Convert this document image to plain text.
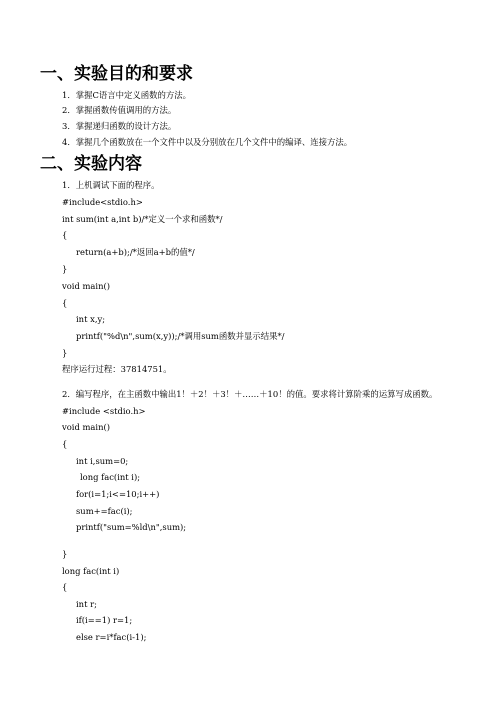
一、实验目的和要求
1．掌握C语言中定义函数的方法。
2．掌握函数传值调用的方法。
3．掌握递归函数的设计方法。
4．掌握几个函数放在一个文件中以及分别放在几个文件中的编译、连接方法。
二、实验内容
1．上机调试下面的程序。
#include<stdio.h>
int sum(int a,int b)/*定义一个求和函数*/
{
return(a+b);/*返回a+b的值*/
}
void main()
{
int x,y;
printf("%d\n",sum(x,y));/*调用sum函数并显示结果*/
}
程序运行过程：37814751。
2．编写程序，在主函数中输出1！＋2！＋3！＋……＋10！的值。要求将计算阶乘的运算写成函数。
#include <stdio.h>
void main()
{
int i,sum=0;
long fac(int i);
for(i=1;i<=10;i++)
sum+=fac(i);
printf("sum=%ld\n",sum);
}
long fac(int i)
{
int r;
if(i==1) r=1;
else r=i*fac(i-1);
